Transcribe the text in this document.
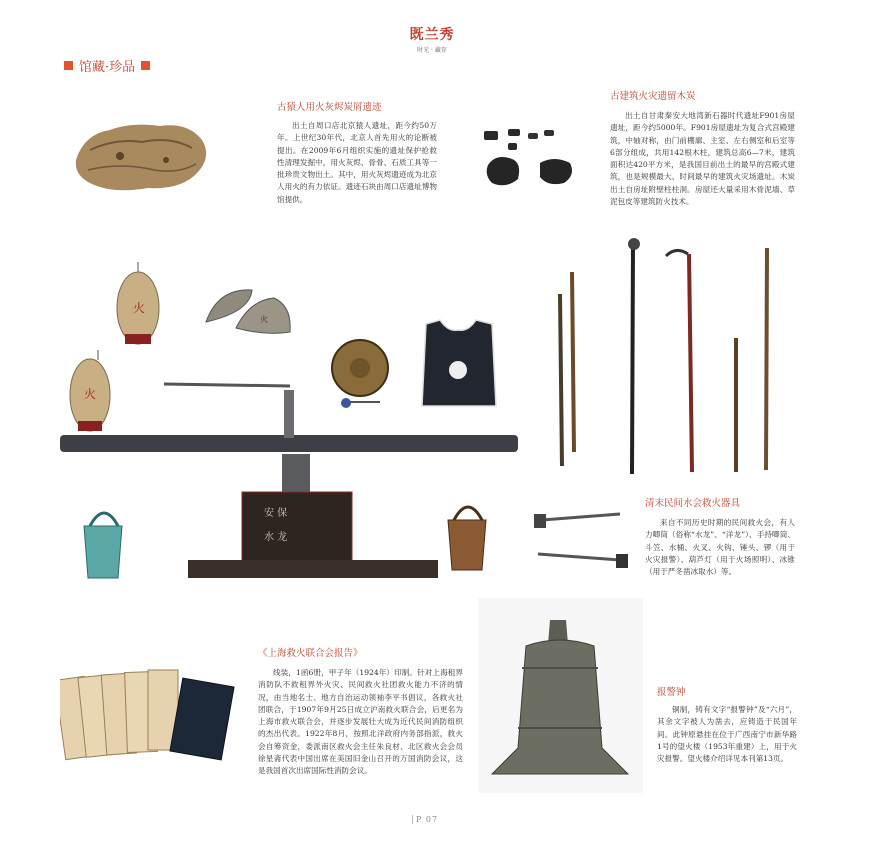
既兰秀
时光 · 藏存
馆藏·珍品
古猿人用火灰烬炭屑遗迹
出土自周口店北京猿人遗址，距今约50万年。上世纪30年代，北京人首先用火的论断被提出。在2009年6月组织实施的遗址保护抢救性清理发掘中，用火灰烬、骨骨、石质工具等一批珍贵文物出土。其中，用火灰烬遗迹成为北京人用火的有力依证。遗迹石块由周口店遗址博物馆提供。
古建筑火灾遗留木炭
出土自甘肃秦安大地湾新石器时代遗址F901房屋遗址，距今约5000年。F901房屋遗址为复合式宫殿建筑，中轴对称，由门前棚廓、主室、左右侧室和后室等6部分组成，共用142根木柱，建筑总高6—7米，建筑面积达420平方米，是我国目前出土的最早的宫殿式建筑，也是规模最大、时间最早的建筑火灾场遗址。木炭出土自房址附壁柱柱洞。房屋还大量采用木骨泥墙、草泥包皮等建筑防火技术。
火
火
火
安 保
水 龙
清末民间水会救火器具
来自不同历史时期的民间救火会，有人力唧筒（俗称“水龙”、“洋龙”）、手持唧筒、斗笠、水桶、火叉、火钩、锤头、锣（用于火灾报警）、葫芦灯（用于火场照明）、冰锥（用于严冬凿冰取水）等。
《上海救火联合会报告》
线装，1函6册，甲子年（1924年）印制。针对上海租界消防队不救租界外火灾、民间救火社团救火能力不济的情况，由当地名士、地方自治运动领袖李平书倡议，各救火社团联合，于1907年9月25日成立沪南救火联合会，后更名为上海市救火联合会，并逐步发展壮大成为近代民间消防组织的杰出代表。1922年8月，按照北洋政府内务部指派，救火会自筹资金，委派南区救火会主任朱良材、北区救火会会员徐星斋代表中国出席在美国旧金山召开的万国消防会议，这是我国首次出席国际性消防会议。
报警钟
铜制，铸有文字“报警钟”及“六月”，其余文字被人为凿去，应铸造于民国年间。此钟原悬挂在位于广西南宁市新华路1号的望火楼（1953年重建）上，用于火灾报警。望火楼介绍详见本刊第13页。
P 07
